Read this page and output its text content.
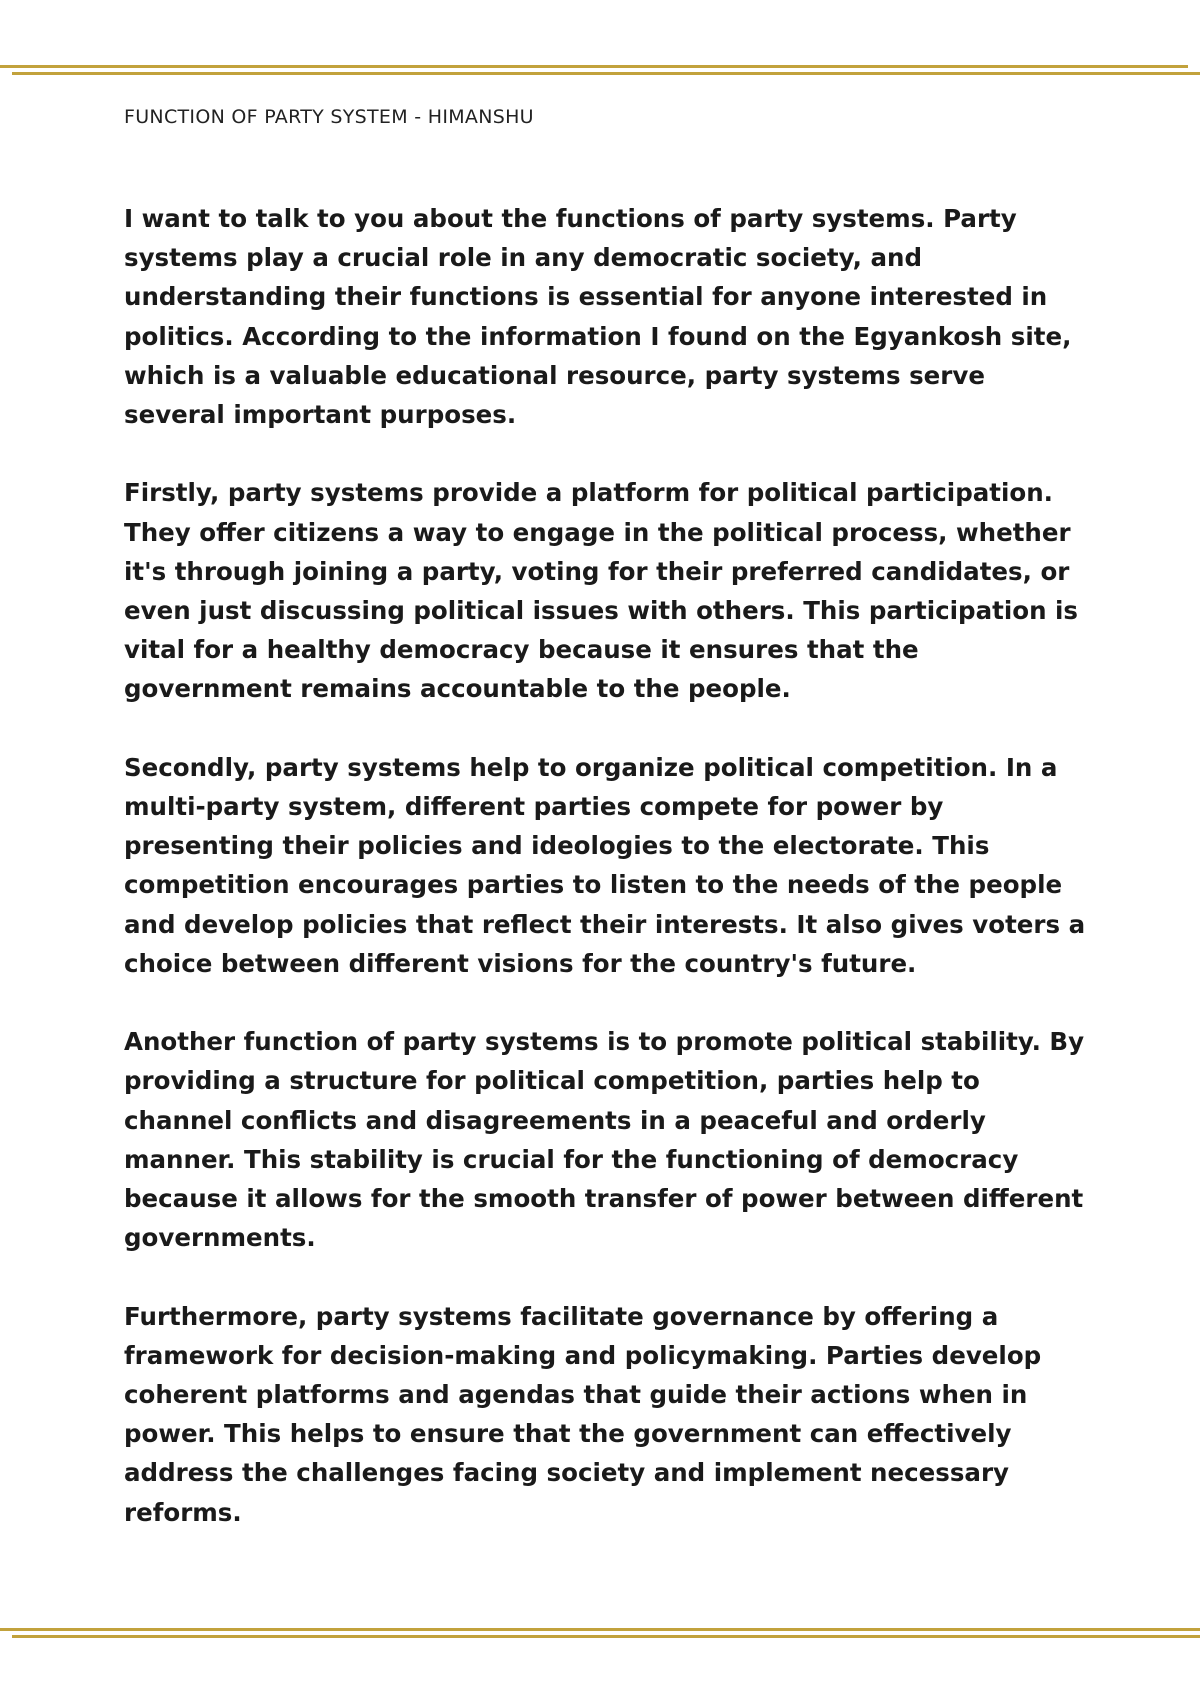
FUNCTION OF PARTY SYSTEM - HIMANSHU

I want to talk to you about the functions of party systems. Party systems play a crucial role in any democratic society, and understanding their functions is essential for anyone interested in politics. According to the information I found on the Egyankosh site, which is a valuable educational resource, party systems serve several important purposes.

Firstly, party systems provide a platform for political participation. They offer citizens a way to engage in the political process, whether it's through joining a party, voting for their preferred candidates, or even just discussing political issues with others. This participation is vital for a healthy democracy because it ensures that the government remains accountable to the people.

Secondly, party systems help to organize political competition. In a multi-party system, different parties compete for power by presenting their policies and ideologies to the electorate. This competition encourages parties to listen to the needs of the people and develop policies that reflect their interests. It also gives voters a choice between different visions for the country's future.

Another function of party systems is to promote political stability. By providing a structure for political competition, parties help to channel conflicts and disagreements in a peaceful and orderly manner. This stability is crucial for the functioning of democracy because it allows for the smooth transfer of power between different governments.

Furthermore, party systems facilitate governance by offering a framework for decision-making and policymaking. Parties develop coherent platforms and agendas that guide their actions when in power. This helps to ensure that the government can effectively address the challenges facing society and implement necessary reforms.
